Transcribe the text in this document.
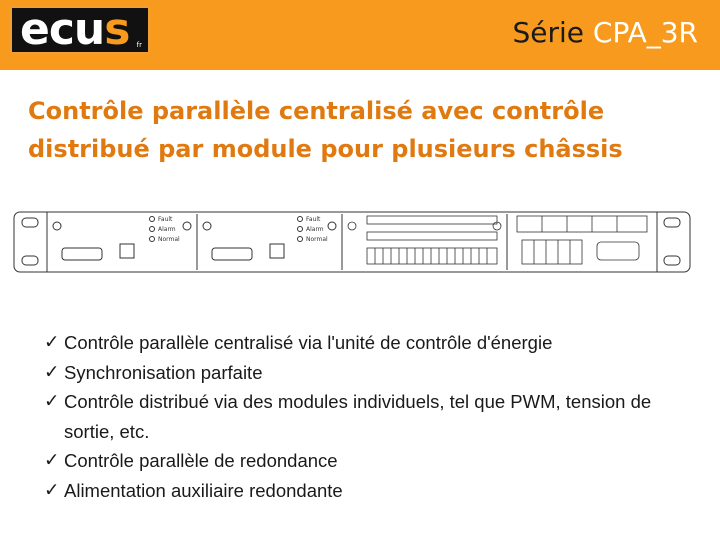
ecus fr	Série CPA_3R
Contrôle parallèle centralisé avec contrôle
distribué par module pour plusieurs châssis
Fault
Alarm
Normal
Fault
Alarm
Normal
✓ Contrôle parallèle centralisé via l'unité de contrôle d'énergie
✓ Synchronisation parfaite
✓ Contrôle distribué via des modules individuels, tel que PWM, tension de sortie, etc.
✓ Contrôle parallèle de redondance
✓ Alimentation auxiliaire redondante
